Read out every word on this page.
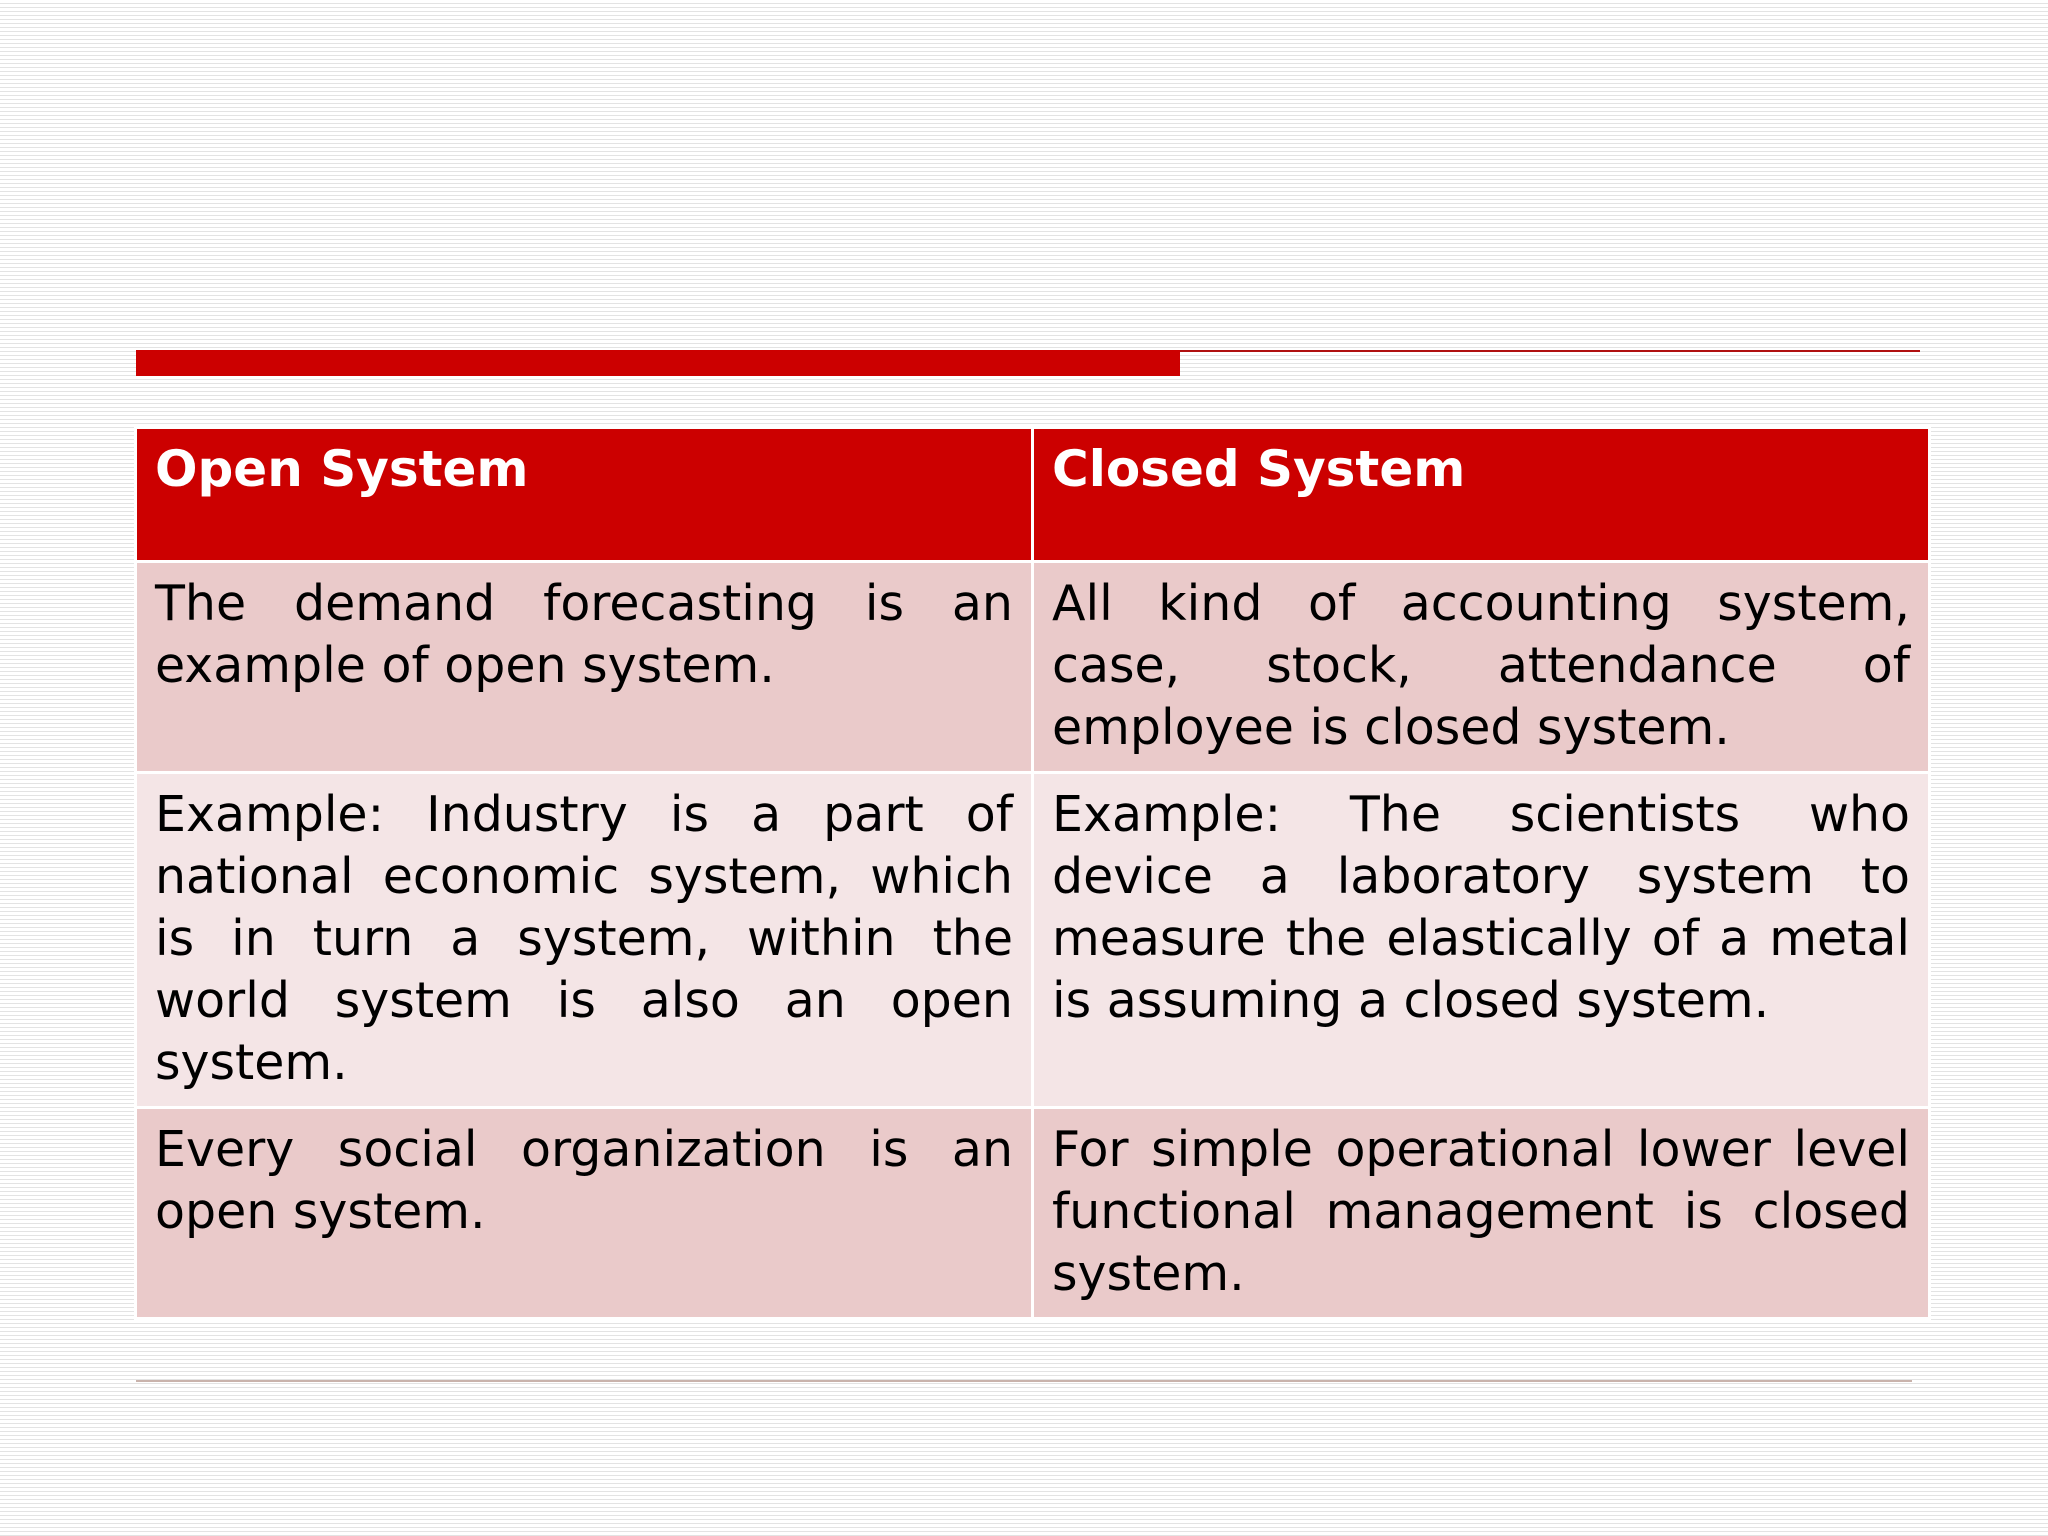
Open System	Closed System
The demand forecasting is an example of open system.	All kind of accounting system, case, stock, attendance of employee is closed system.
Example: Industry is a part of national economic system, which is in turn a system, within the world system is also an open system.	Example: The scientists who device a laboratory system to measure the elastically of a metal is assuming a closed system.
Every social organization is an open system.	For simple operational lower level functional management is closed system.
